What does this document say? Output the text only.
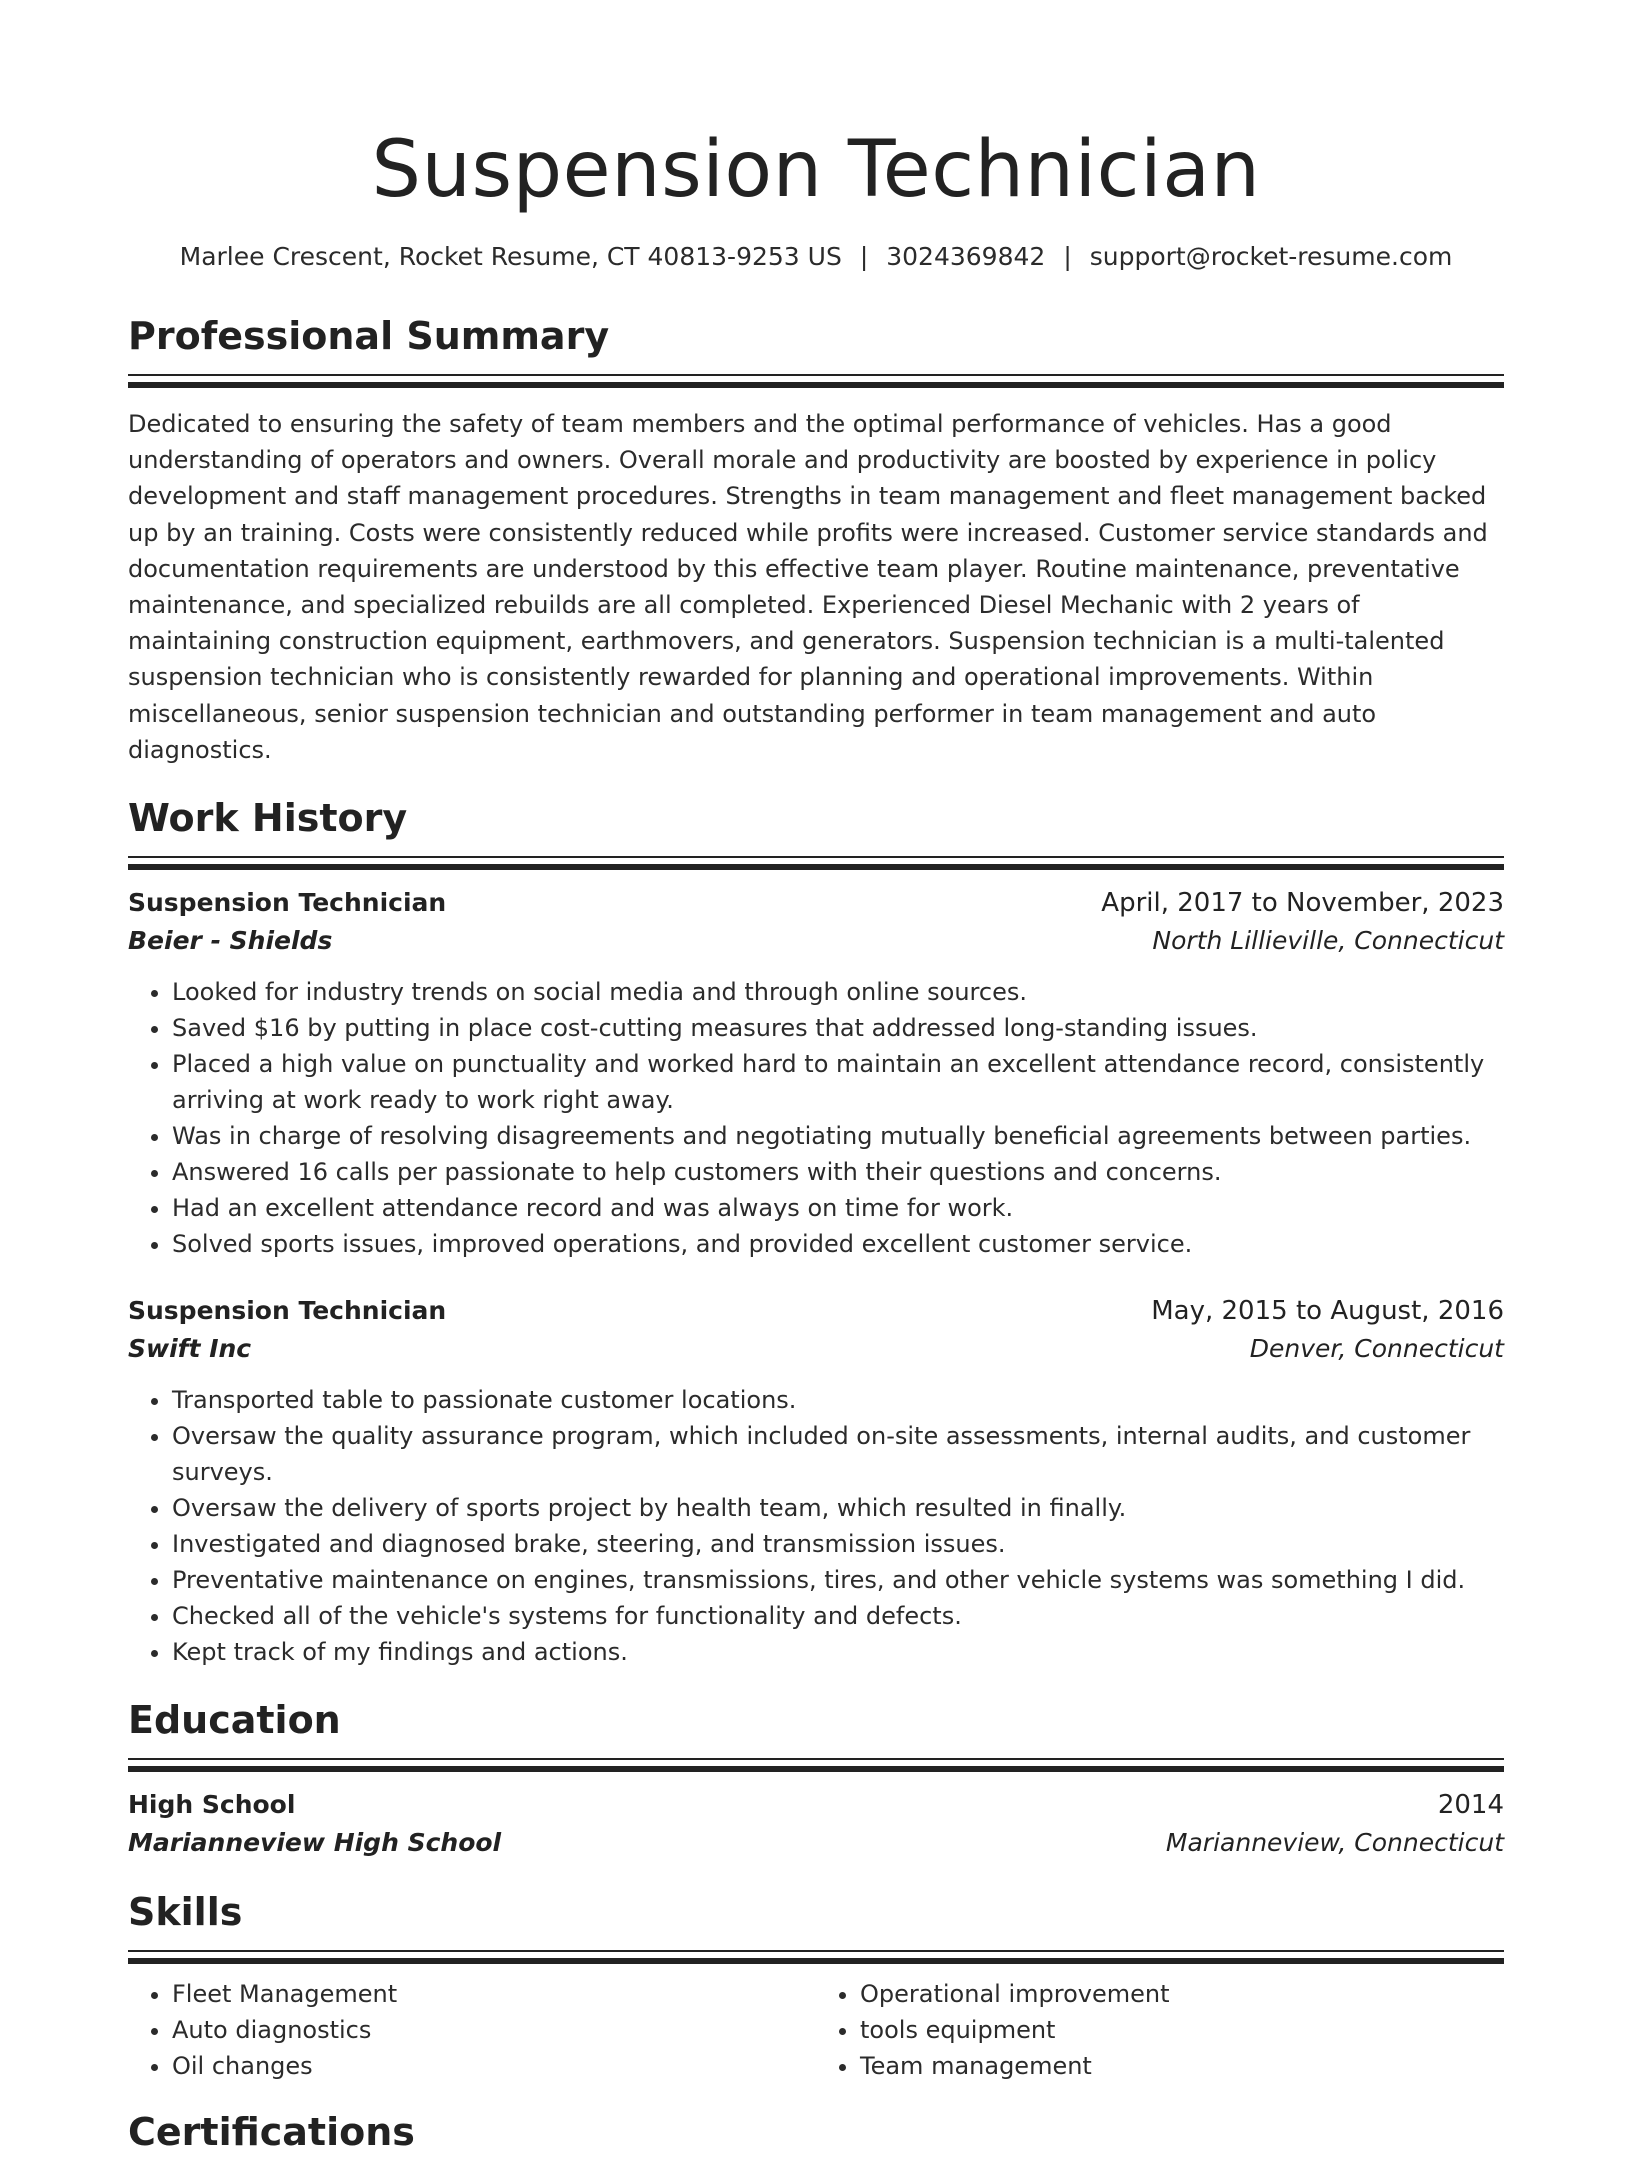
Suspension Technician
Marlee Crescent, Rocket Resume, CT 40813-9253 US | 3024369842 | support@rocket-resume.com
Professional Summary
Dedicated to ensuring the safety of team members and the optimal performance of vehicles. Has a good understanding of operators and owners. Overall morale and productivity are boosted by experience in policy development and staff management procedures. Strengths in team management and fleet management backed up by an training. Costs were consistently reduced while profits were increased. Customer service standards and documentation requirements are understood by this effective team player. Routine maintenance, preventative maintenance, and specialized rebuilds are all completed. Experienced Diesel Mechanic with 2 years of maintaining construction equipment, earthmovers, and generators. Suspension technician is a multi-talented suspension technician who is consistently rewarded for planning and operational improvements. Within miscellaneous, senior suspension technician and outstanding performer in team management and auto diagnostics.
Work History
Suspension Technician	April, 2017 to November, 2023
Beier - Shields	North Lillieville, Connecticut
• Looked for industry trends on social media and through online sources.
• Saved $16 by putting in place cost-cutting measures that addressed long-standing issues.
• Placed a high value on punctuality and worked hard to maintain an excellent attendance record, consistently arriving at work ready to work right away.
• Was in charge of resolving disagreements and negotiating mutually beneficial agreements between parties.
• Answered 16 calls per passionate to help customers with their questions and concerns.
• Had an excellent attendance record and was always on time for work.
• Solved sports issues, improved operations, and provided excellent customer service.
Suspension Technician	May, 2015 to August, 2016
Swift Inc	Denver, Connecticut
• Transported table to passionate customer locations.
• Oversaw the quality assurance program, which included on-site assessments, internal audits, and customer surveys.
• Oversaw the delivery of sports project by health team, which resulted in finally.
• Investigated and diagnosed brake, steering, and transmission issues.
• Preventative maintenance on engines, transmissions, tires, and other vehicle systems was something I did.
• Checked all of the vehicle's systems for functionality and defects.
• Kept track of my findings and actions.
Education
High School	2014
Marianneview High School	Marianneview, Connecticut
Skills
• Fleet Management
• Auto diagnostics
• Oil changes
• Operational improvement
• tools equipment
• Team management
Certifications
